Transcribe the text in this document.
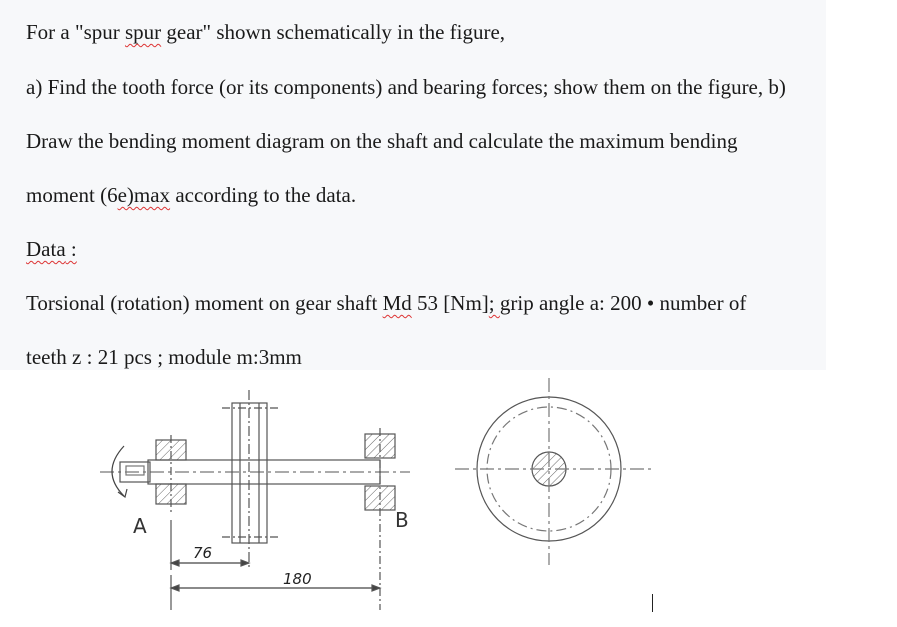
For a "spur spur gear" shown schematically in the figure,
a) Find the tooth force (or its components) and bearing forces; show them on the figure, b)
Draw the bending moment diagram on the shaft and calculate the maximum bending
moment (6e)max according to the data.
Data :
Torsional (rotation) moment on gear shaft Md 53 [Nm]; grip angle a: 200 • number of
teeth z : 21 pcs ; module m:3mm
A	B
76
180
